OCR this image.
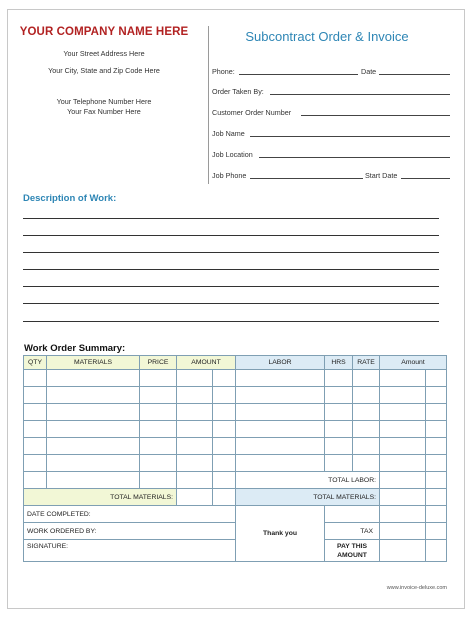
YOUR COMPANY NAME HERE
Your Street Address Here
Your City, State and Zip Code Here
Your Telephone Number Here
Your Fax Number Here
Subcontract Order & Invoice
Phone:	Date
Order Taken By:
Customer Order Number
Job Name
Job Location
Job Phone	Start Date
Description of Work:
Work Order Summary:
QTY	MATERIALS	PRICE	AMOUNT		LABOR	HRS	RATE	Amount	

					TOTAL LABOR:				
TOTAL MATERIALS:					TOTAL MATERIALS:				
DATE COMPLETED:					Thank you				
WORK ORDERED BY:						TAX			
SIGNATURE:						PAY THIS
AMOUNT			

www.invoice-deluxe.com
